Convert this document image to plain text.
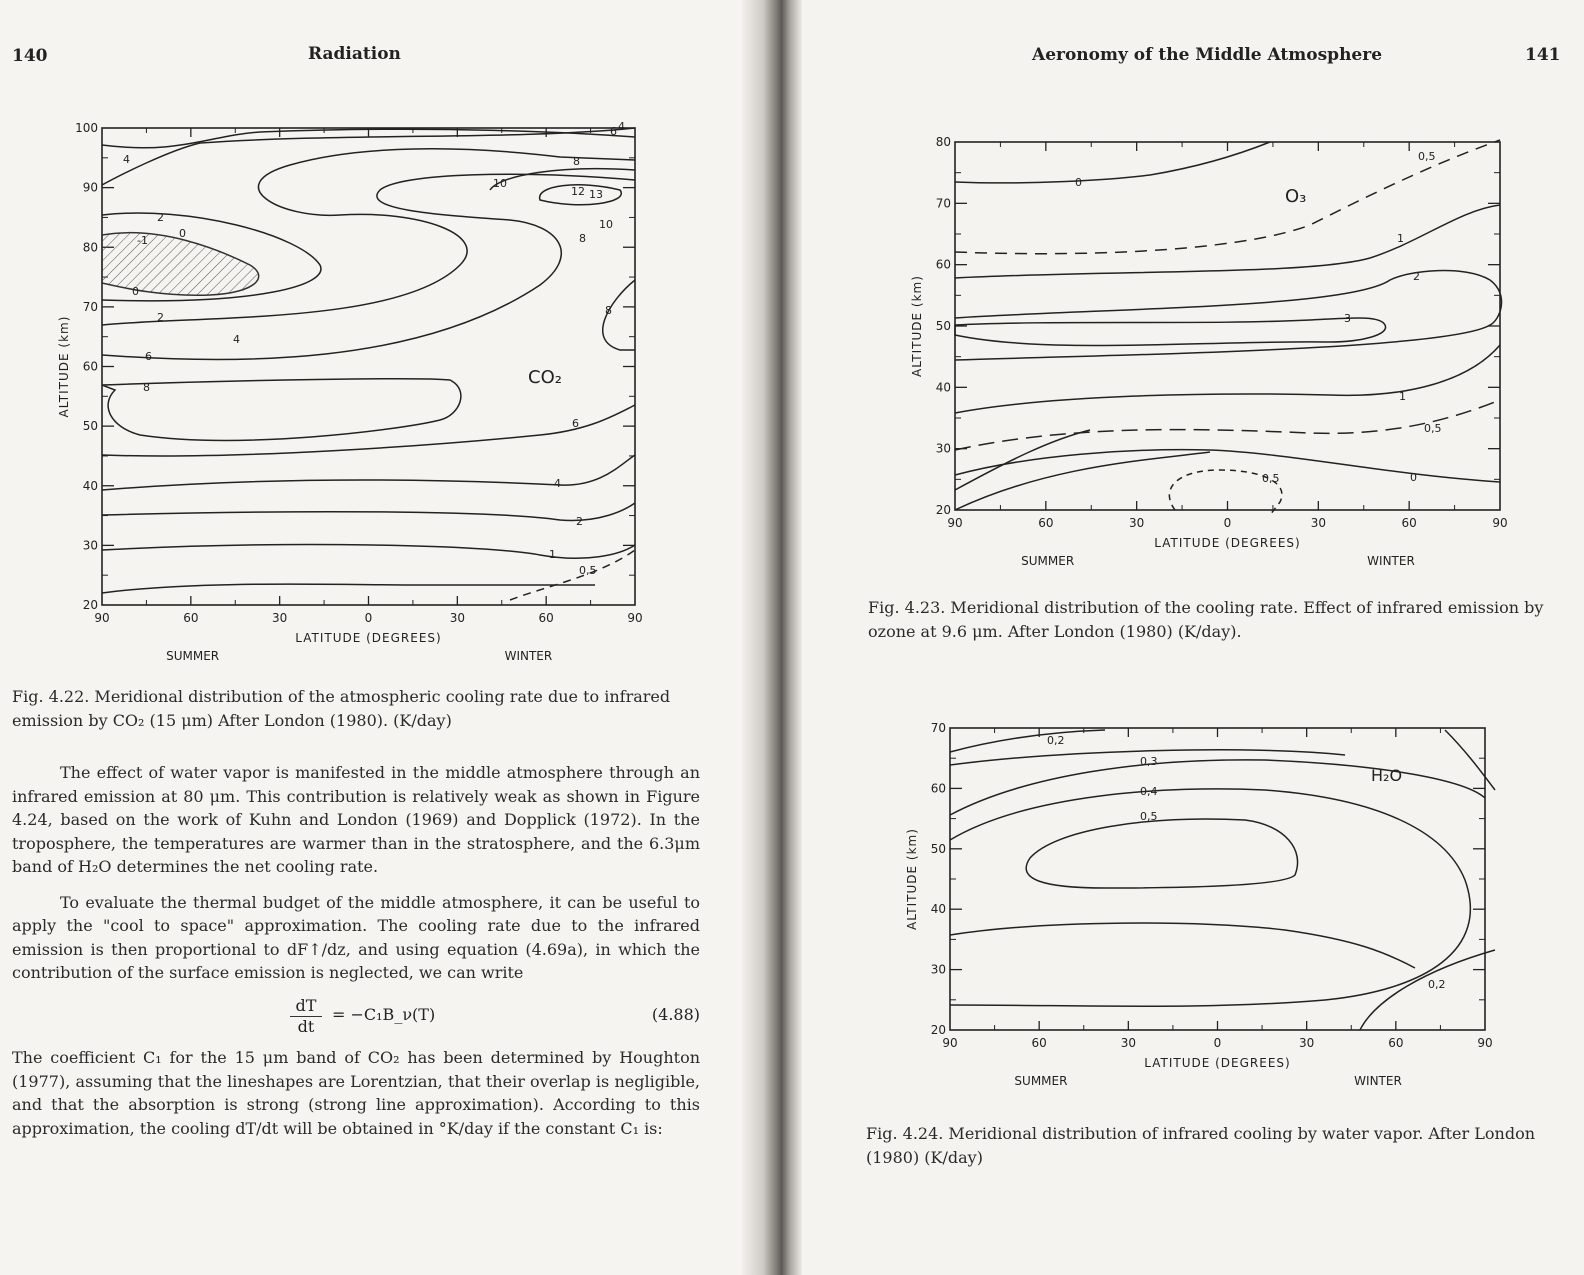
140	Radiation
90	60	30	0	30	60	90
20
30
40
50
60
70
80
90
100
LATITUDE (DEGREES)
ALTITUDE (km)
SUMMER	WINTER
4
2
0
-1
0
2
4
6
8
8
10
12 13
10
8
8
6
4
2
1
0,5
6 4
CO₂
Fig. 4.22. Meridional distribution of the atmospheric cooling rate due to infrared emission by CO₂ (15 μm) After London (1980). (K/day)

The effect of water vapor is manifested in the middle atmosphere through an infrared emission at 80 μm. This contribution is relatively weak as shown in Figure 4.24, based on the work of Kuhn and London (1969) and Dopplick (1972). In the troposphere, the temperatures are warmer than in the stratosphere, and the 6.3μm band of H₂O determines the net cooling rate.

To evaluate the thermal budget of the middle atmosphere, it can be useful to apply the "cool to space" approximation. The cooling rate due to the infrared emission is then proportional to dF↑/dz, and using equation (4.69a), in which the contribution of the surface emission is neglected, we can write

$\frac{dT}{dt}$ = −C₁B_ν(T)	(4.88)

The coefficient C₁ for the 15 μm band of CO₂ has been determined by Houghton (1977), assuming that the lineshapes are Lorentzian, that their overlap is negligible, and that the absorption is strong (strong line approximation). According to this approximation, the cooling dT/dt will be obtained in °K/day if the constant C₁ is:

Aeronomy of the Middle Atmosphere	141
90	60	30	0	30	60	90
20
30
40
50
60
70
80
LATITUDE (DEGREES)
ALTITUDE (km)
SUMMER	WINTER
0
0,5
1
2
3
1
0,5
0,5	0
O₃
Fig. 4.23. Meridional distribution of the cooling rate. Effect of infrared emission by ozone at 9.6 μm. After London (1980) (K/day).
90	60	30	0	30	60	90
20
30
40
50
60
70
LATITUDE (DEGREES)
ALTITUDE (km)
SUMMER	WINTER
0,2
0,3
0,4
0,5
0,2
H₂O
Fig. 4.24. Meridional distribution of infrared cooling by water vapor. After London (1980) (K/day)
